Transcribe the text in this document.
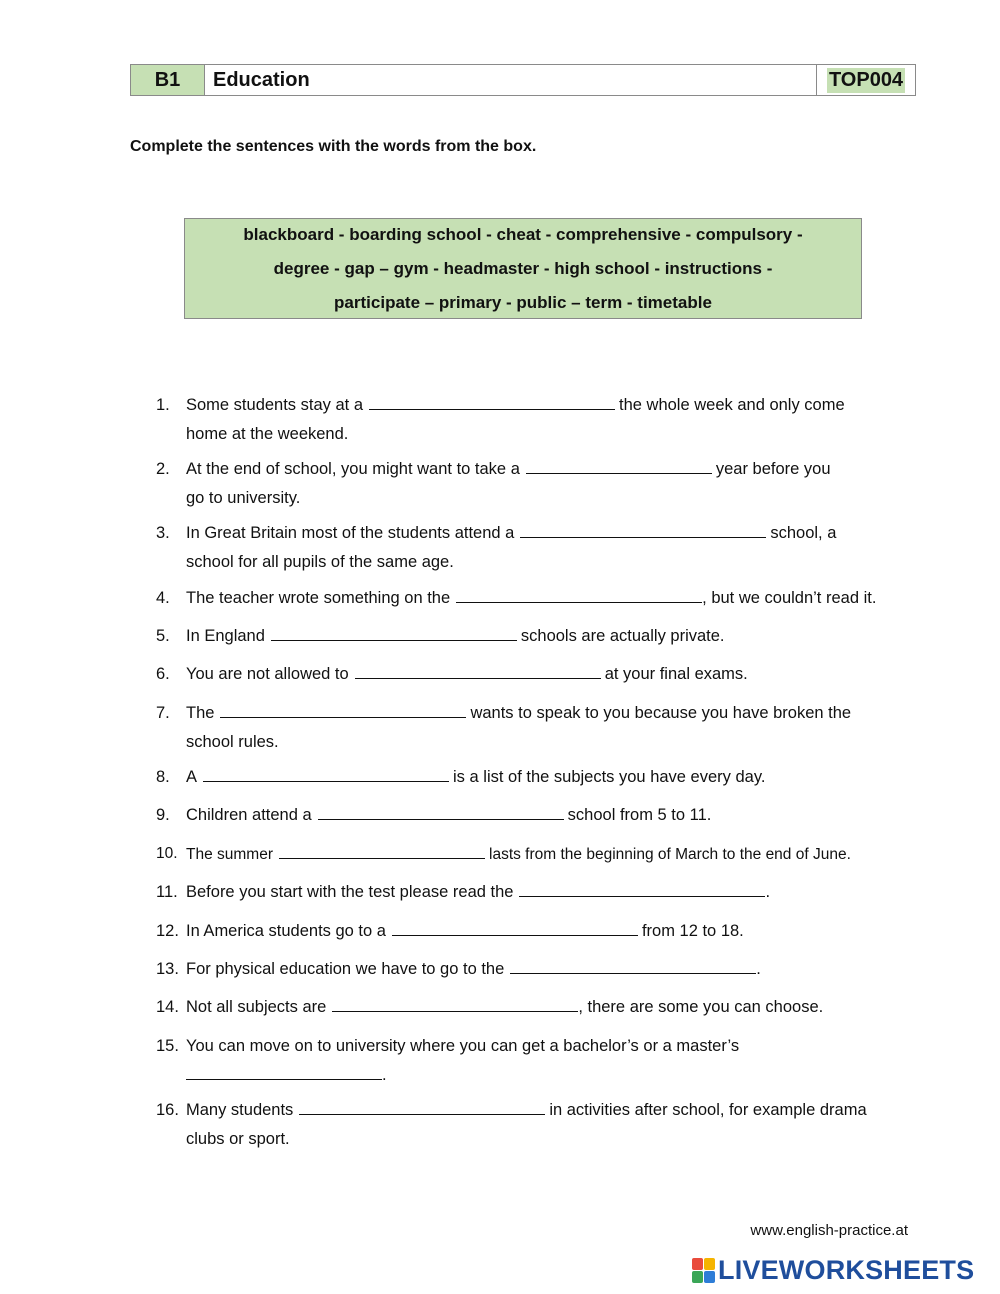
B1	Education	TOP004
Complete the sentences with the words from the box.
blackboard - boarding school - cheat - comprehensive - compulsory -
degree - gap – gym - headmaster - high school - instructions -
participate – primary - public – term - timetable
1. Some students stay at a	the whole week and only come
home at the weekend.
2. At the end of school, you might want to take a	year before you
go to university.
3. In Great Britain most of the students attend a	school, a
school for all pupils of the same age.
4. The teacher wrote something on the	, but we couldn’t read it.
5. In England	schools are actually private.
6. You are not allowed to	at your final exams.
7. The	wants to speak to you because you have broken the
school rules.
8. A	is a list of the subjects you have every day.
9. Children attend a	school from 5 to 11.
10. The summer	lasts from the beginning of March to the end of June.
11. Before you start with the test please read the	.
12. In America students go to a	from 12 to 18.
13. For physical education we have to go to the	.
14. Not all subjects are	, there are some you can choose.
15. You can move on to university where you can get a bachelor’s or a master’s
.
16. Many students	in activities after school, for example drama
clubs or sport.
www.english-practice.at
LIVEWORKSHEETS
